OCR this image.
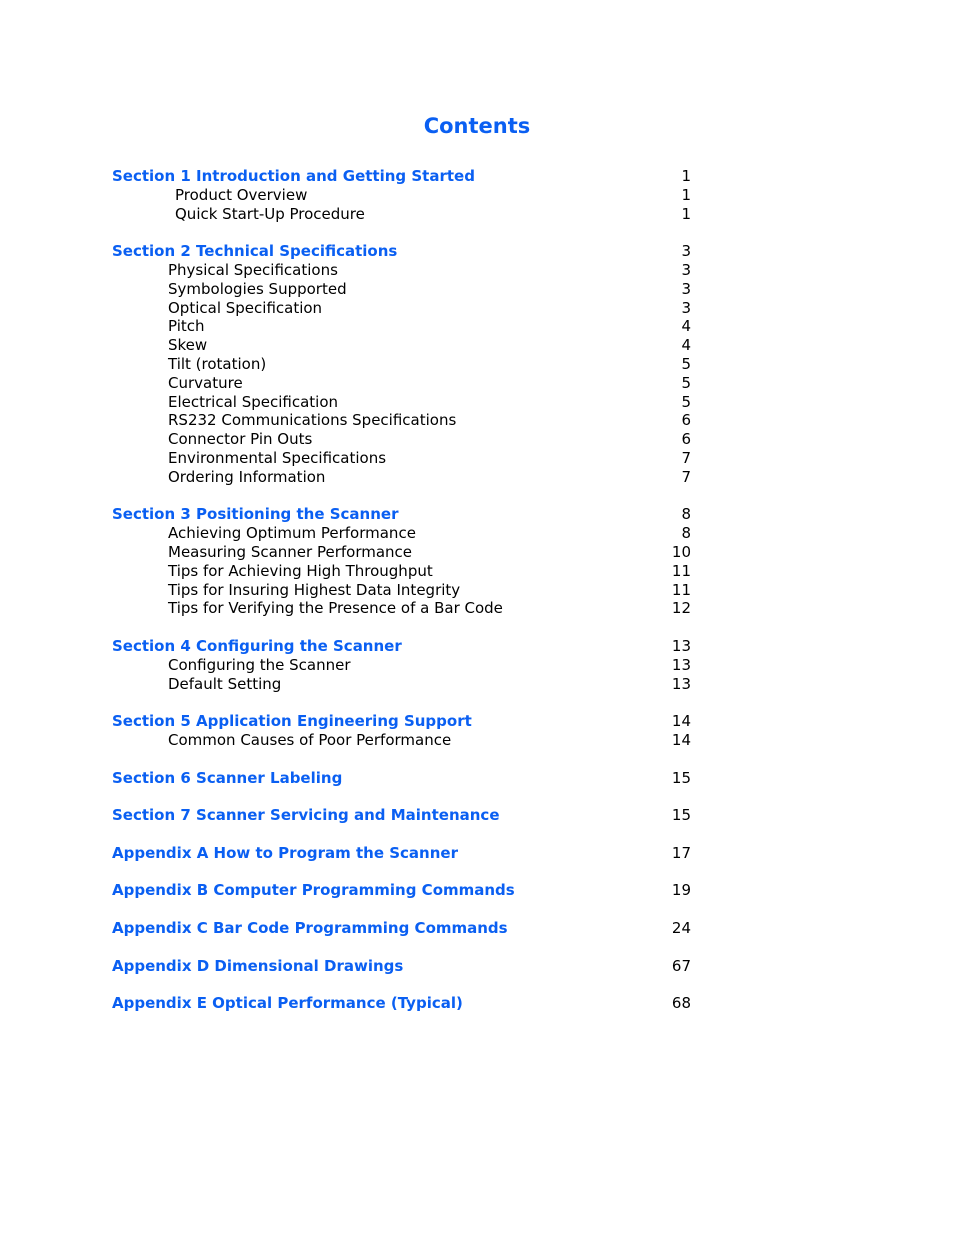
Contents
Section 1 Introduction and Getting Started	1
Product Overview	1
Quick Start-Up Procedure	1
Section 2 Technical Specifications	3
Physical Specifications	3
Symbologies Supported	3
Optical Specification	3
Pitch	4
Skew	4
Tilt (rotation)	5
Curvature	5
Electrical Specification	5
RS232 Communications Specifications	6
Connector Pin Outs	6
Environmental Specifications	7
Ordering Information	7
Section 3 Positioning the Scanner	8
Achieving Optimum Performance	8
Measuring Scanner Performance	10
Tips for Achieving High Throughput	11
Tips for Insuring Highest Data Integrity	11
Tips for Verifying the Presence of a Bar Code	12
Section 4 Configuring the Scanner	13
Configuring the Scanner	13
Default Setting	13
Section 5 Application Engineering Support	14
Common Causes of Poor Performance	14
Section 6 Scanner Labeling	15
Section 7 Scanner Servicing and Maintenance	15
Appendix A How to Program the Scanner	17
Appendix B Computer Programming Commands	19
Appendix C Bar Code Programming Commands	24
Appendix D Dimensional Drawings	67
Appendix E Optical Performance (Typical)	68
